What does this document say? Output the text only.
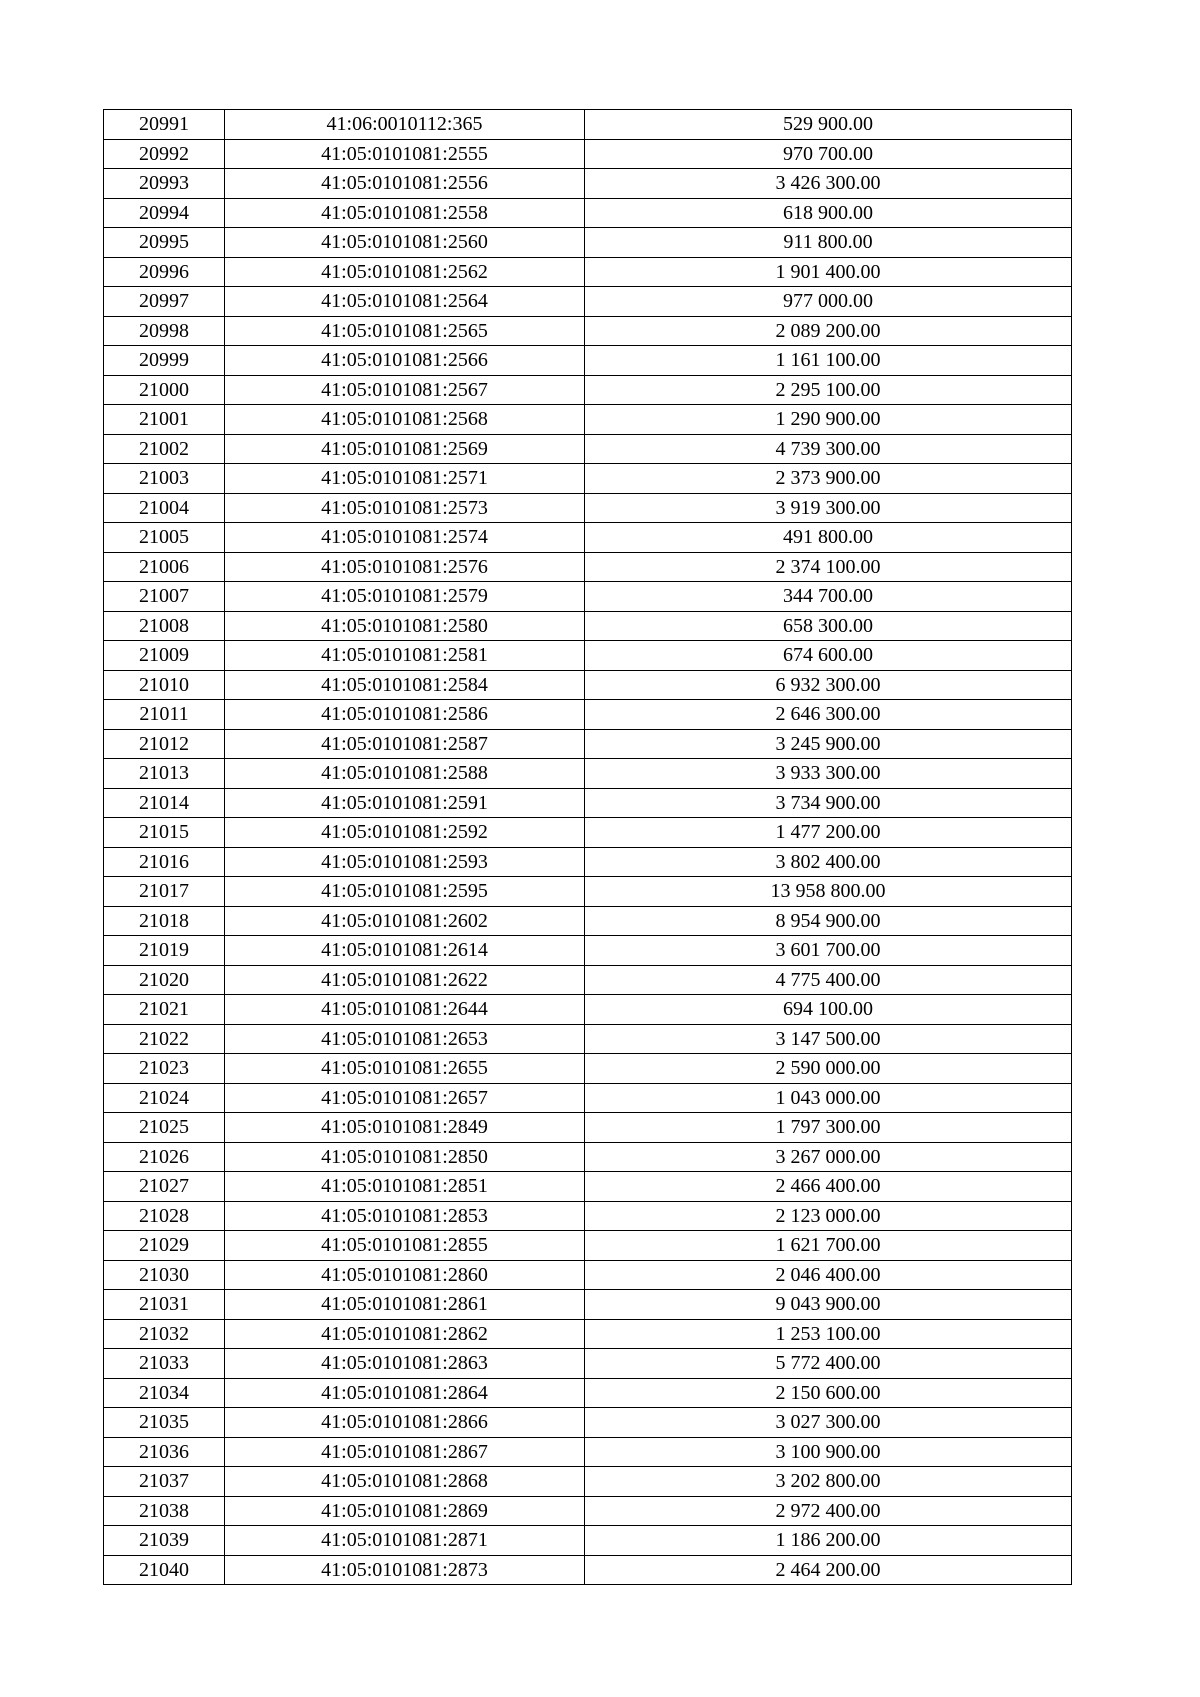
20991	41:06:0010112:365	529 900.00
20992	41:05:0101081:2555	970 700.00
20993	41:05:0101081:2556	3 426 300.00
20994	41:05:0101081:2558	618 900.00
20995	41:05:0101081:2560	911 800.00
20996	41:05:0101081:2562	1 901 400.00
20997	41:05:0101081:2564	977 000.00
20998	41:05:0101081:2565	2 089 200.00
20999	41:05:0101081:2566	1 161 100.00
21000	41:05:0101081:2567	2 295 100.00
21001	41:05:0101081:2568	1 290 900.00
21002	41:05:0101081:2569	4 739 300.00
21003	41:05:0101081:2571	2 373 900.00
21004	41:05:0101081:2573	3 919 300.00
21005	41:05:0101081:2574	491 800.00
21006	41:05:0101081:2576	2 374 100.00
21007	41:05:0101081:2579	344 700.00
21008	41:05:0101081:2580	658 300.00
21009	41:05:0101081:2581	674 600.00
21010	41:05:0101081:2584	6 932 300.00
21011	41:05:0101081:2586	2 646 300.00
21012	41:05:0101081:2587	3 245 900.00
21013	41:05:0101081:2588	3 933 300.00
21014	41:05:0101081:2591	3 734 900.00
21015	41:05:0101081:2592	1 477 200.00
21016	41:05:0101081:2593	3 802 400.00
21017	41:05:0101081:2595	13 958 800.00
21018	41:05:0101081:2602	8 954 900.00
21019	41:05:0101081:2614	3 601 700.00
21020	41:05:0101081:2622	4 775 400.00
21021	41:05:0101081:2644	694 100.00
21022	41:05:0101081:2653	3 147 500.00
21023	41:05:0101081:2655	2 590 000.00
21024	41:05:0101081:2657	1 043 000.00
21025	41:05:0101081:2849	1 797 300.00
21026	41:05:0101081:2850	3 267 000.00
21027	41:05:0101081:2851	2 466 400.00
21028	41:05:0101081:2853	2 123 000.00
21029	41:05:0101081:2855	1 621 700.00
21030	41:05:0101081:2860	2 046 400.00
21031	41:05:0101081:2861	9 043 900.00
21032	41:05:0101081:2862	1 253 100.00
21033	41:05:0101081:2863	5 772 400.00
21034	41:05:0101081:2864	2 150 600.00
21035	41:05:0101081:2866	3 027 300.00
21036	41:05:0101081:2867	3 100 900.00
21037	41:05:0101081:2868	3 202 800.00
21038	41:05:0101081:2869	2 972 400.00
21039	41:05:0101081:2871	1 186 200.00
21040	41:05:0101081:2873	2 464 200.00
